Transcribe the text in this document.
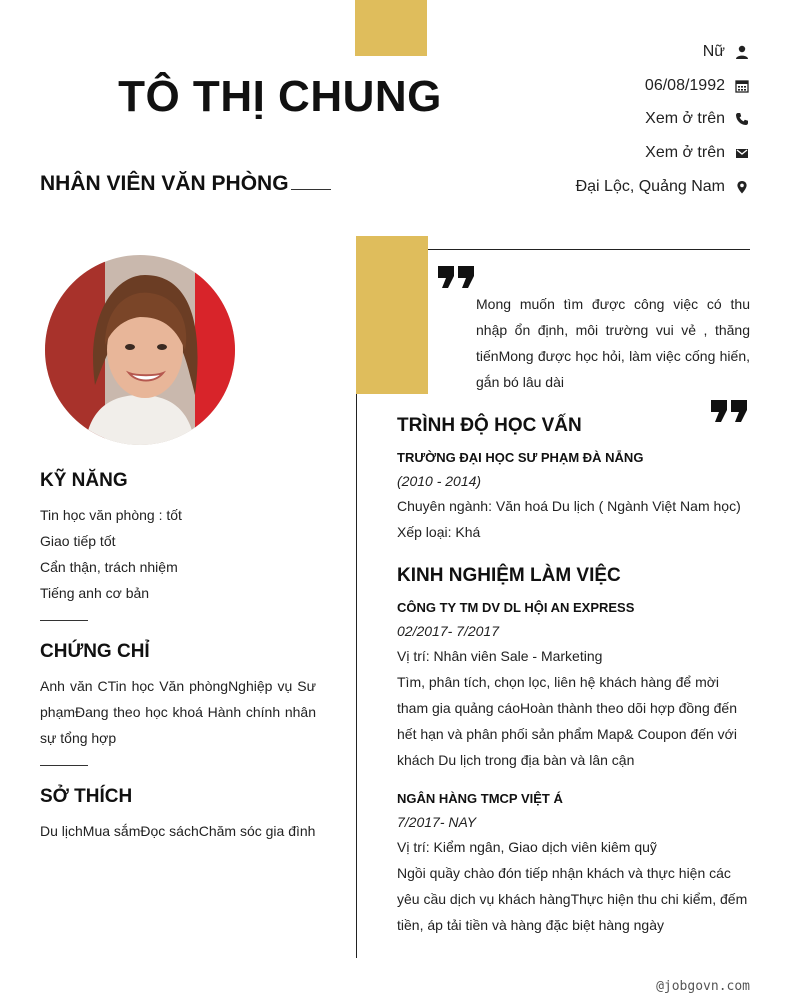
TÔ THỊ CHUNG
NHÂN VIÊN VĂN PHÒNG
Nữ
06/08/1992
Xem ở trên
Xem ở trên
Đại Lộc, Quảng Nam
Mong muốn tìm được công việc có thu nhập ổn định, môi trường vui vẻ , thăng tiếnMong được học hỏi, làm việc cống hiến, gắn bó lâu dài
KỸ NĂNG
Tin học văn phòng : tốt
Giao tiếp tốt
Cẩn thận, trách nhiệm
Tiếng anh cơ bản
CHỨNG CHỈ
Anh văn CTin học Văn phòngNghiệp vụ Sư phạmĐang theo học khoá Hành chính nhân sự tổng hợp
SỞ THÍCH
Du lịchMua sắmĐọc sáchChăm sóc gia đình
TRÌNH ĐỘ HỌC VẤN
TRƯỜNG ĐẠI HỌC SƯ PHẠM ĐÀ NẴNG
(2010 - 2014)
Chuyên ngành: Văn hoá Du lịch ( Ngành Việt Nam học)
Xếp loại: Khá
KINH NGHIỆM LÀM VIỆC
CÔNG TY TM DV DL HỘI AN EXPRESS
02/2017- 7/2017
Vị trí: Nhân viên Sale - Marketing
Tìm, phân tích, chọn lọc, liên hệ khách hàng để mời tham gia quảng cáoHoàn thành theo dõi hợp đồng đến hết hạn và phân phối sản phẩm Map& Coupon đến với khách Du lịch trong địa bàn và lân cận
NGÂN HÀNG TMCP VIỆT Á
7/2017- NAY
Vị trí: Kiểm ngân, Giao dịch viên kiêm quỹ
Ngồi quầy chào đón tiếp nhận khách và thực hiện các yêu cầu dịch vụ khách hàngThực hiện thu chi kiểm, đếm tiền, áp tải tiền và hàng đặc biệt hàng ngày
@jobgovn.com
